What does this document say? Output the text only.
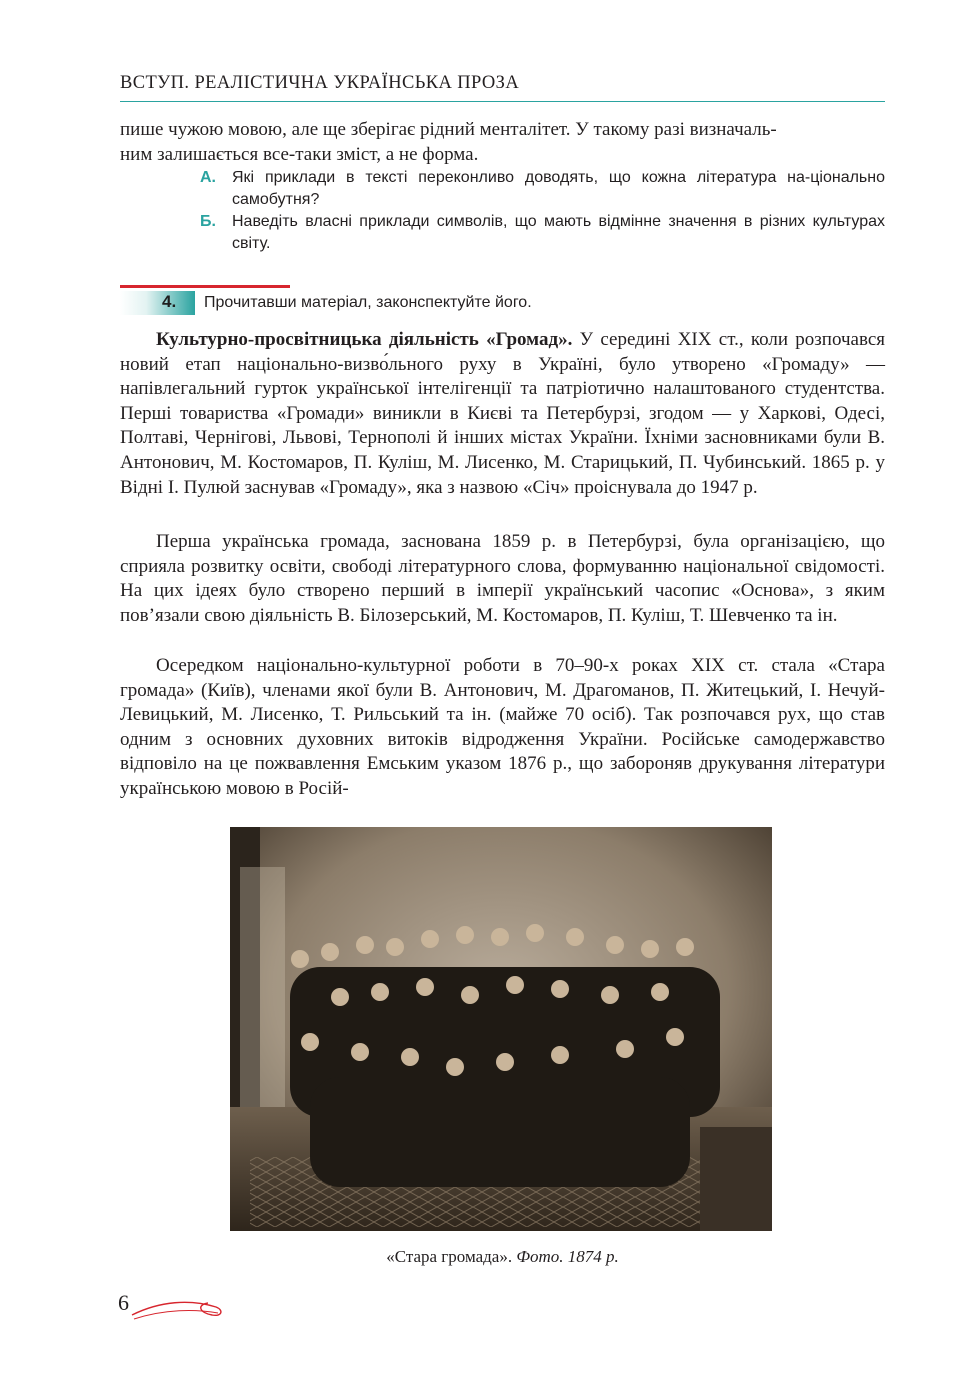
ВСТУП. РЕАЛІСТИЧНА УКРАЇНСЬКА ПРОЗА
пише чужою мовою, але ще зберігає рідний менталітет. У такому разі визначаль-
ним залишається все-таки зміст, а не форма.
А. Які приклади в тексті переконливо доводять, що кожна література на-ціонально самобутня?
Б. Наведіть власні приклади символів, що мають відмінне значення в різних культурах світу.
4.	Прочитавши матеріал, законспектуйте його.
Культурно-просвітницька діяльність «Громад». У середині XIX ст., коли розпочався новий етап національно-визво́льного руху в Україні, було утворено «Громаду» — напівлегальний гурток української інтелігенції та патріотично налаштованого студентства. Перші товариства «Громади» виникли в Києві та Петербурзі, згодом — у Харкові, Одесі, Полтаві, Чернігові, Львові, Тернополі й інших містах України. Їхніми засновниками були В. Антонович, М. Костомаров, П. Куліш, М. Лисенко, М. Старицький, П. Чубинський. 1865 р. у Відні І. Пулюй заснував «Громаду», яка з назвою «Січ» проіснувала до 1947 р.
Перша українська громада, заснована 1859 р. в Петербурзі, була організацією, що сприяла розвитку освіти, свободі літературного слова, формуванню національної свідомості. На цих ідеях було створено перший в імперії український часопис «Основа», з яким пов’язали свою діяльність В. Білозерський, М. Костомаров, П. Куліш, Т. Шевченко та ін.
Осередком національно-культурної роботи в 70–90-х роках XIX ст. стала «Стара громада» (Київ), членами якої були В. Антонович, М. Драгоманов, П. Житецький, І. Нечуй-Левицький, М. Лисенко, Т. Рильський та ін. (майже 70 осіб). Так розпочався рух, що став одним з основних духовних витоків відродження України. Російське самодержавство відповіло на це пожвавлення Емським указом 1876 р., що забороняв друкування літератури українською мовою в Росій-
«Стара громада». Фото. 1874 р.
6
